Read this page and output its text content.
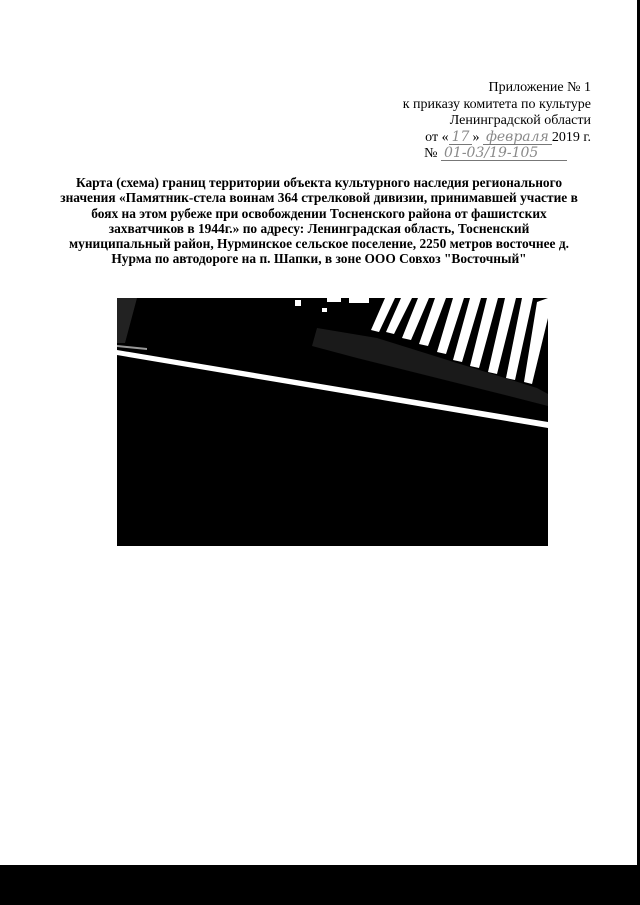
Приложение № 1
к приказу комитета по культуре
Ленинградской области
от « 17 » февраля 2019 г.
№ 01-03/19-105
Карта (схема) границ территории объекта культурного наследия регионального значения «Памятник-стела воинам 364 стрелковой дивизии, принимавшей участие в боях на этом рубеже при освобождении Тосненского района от фашистских захватчиков в 1944г.» по адресу: Ленинградская область, Тосненский муниципальный район, Нурминское сельское поселение, 2250 метров восточнее д. Нурма по автодороге на п. Шапки, в зоне ООО Совхоз "Восточный"
